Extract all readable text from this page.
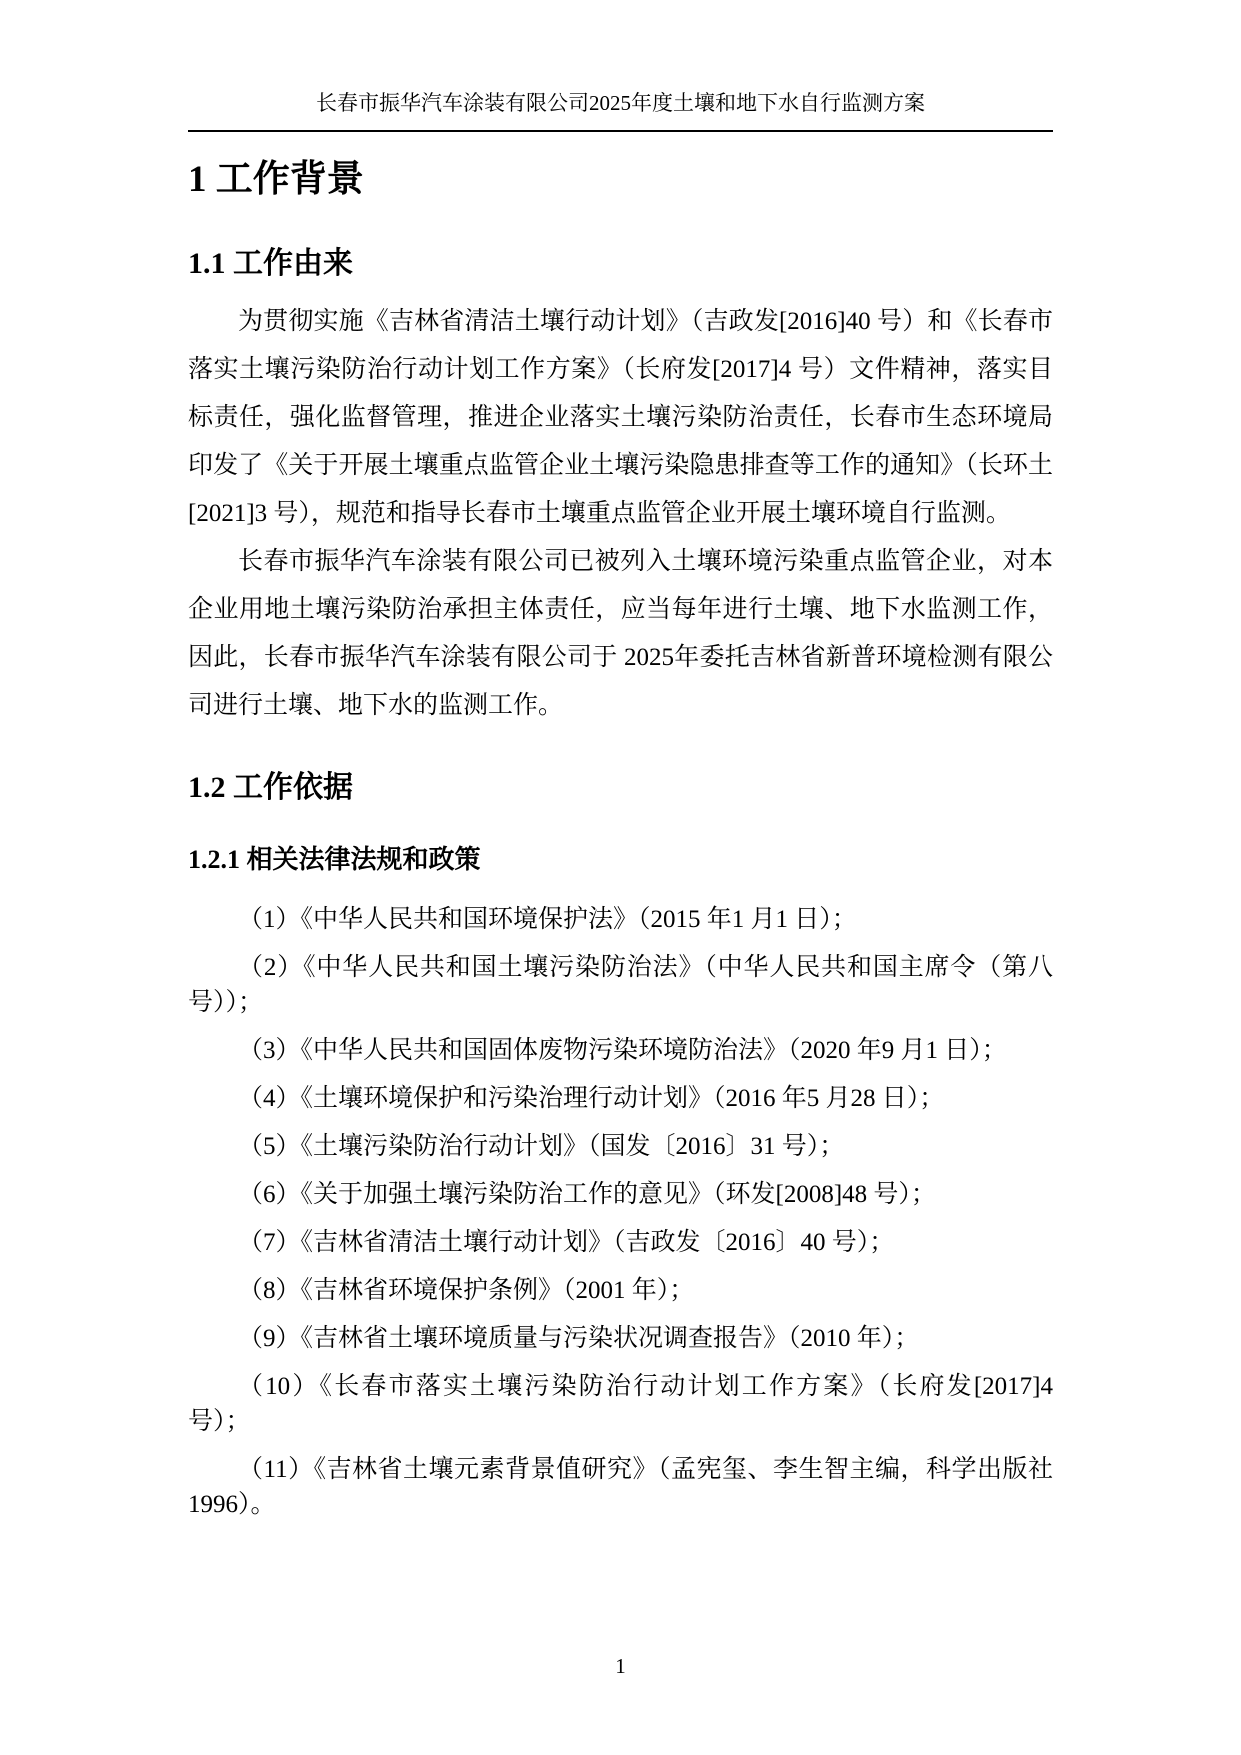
长春市振华汽车涂装有限公司2025年度土壤和地下水自行监测方案
1 工作背景
1.1 工作由来

为贯彻实施《吉林省清洁土壤行动计划》（吉政发[2016]40 号）和《长春市落实土壤污染防治行动计划工作方案》（长府发[2017]4 号）文件精神，落实目标责任，强化监督管理，推进企业落实土壤污染防治责任，长春市生态环境局印发了《关于开展土壤重点监管企业土壤污染隐患排查等工作的通知》（长环土[2021]3 号），规范和指导长春市土壤重点监管企业开展土壤环境自行监测。

长春市振华汽车涂装有限公司已被列入土壤环境污染重点监管企业，对本企业用地土壤污染防治承担主体责任，应当每年进行土壤、地下水监测工作，因此，长春市振华汽车涂装有限公司于 2025年委托吉林省新普环境检测有限公司进行土壤、地下水的监测工作。

1.2 工作依据
1.2.1 相关法律法规和政策

（1）《中华人民共和国环境保护法》（2015 年1 月1 日）；

（2）《中华人民共和国土壤污染防治法》（中华人民共和国主席令（第八号））；

（3）《中华人民共和国固体废物污染环境防治法》（2020 年9 月1 日）；

（4）《土壤环境保护和污染治理行动计划》（2016 年5 月28 日）；

（5）《土壤污染防治行动计划》（国发〔2016〕31 号）；

（6）《关于加强土壤污染防治工作的意见》（环发[2008]48 号）；

（7）《吉林省清洁土壤行动计划》（吉政发〔2016〕40 号）；

（8）《吉林省环境保护条例》（2001 年）；

（9）《吉林省土壤环境质量与污染状况调查报告》（2010 年）；

（10）《长春市落实土壤污染防治行动计划工作方案》（长府发[2017]4 号）；

（11）《吉林省土壤元素背景值研究》（孟宪玺、李生智主编，科学出版社 1996）。

1
